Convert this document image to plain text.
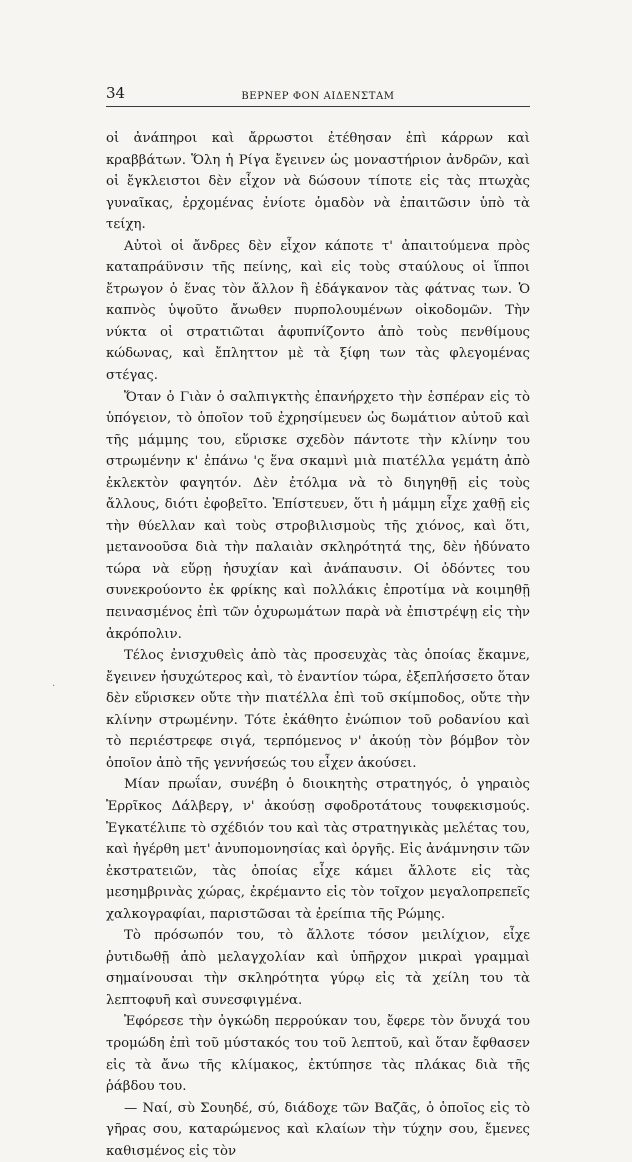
34	ΒΕΡΝΕΡ ΦΟΝ ΑΙΔΕΝΣΤΑΜ
·

οἱ ἀνάπηροι καὶ ἄρρωστοι ἐτέθησαν ἐπὶ κάρρων καὶ κραββάτων. Ὅλη ἡ Ρίγα ἔγεινεν ὡς μοναστήριον ἀνδρῶν, καὶ οἱ ἔγκλειστοι δὲν εἶχον νὰ δώσουν τίποτε εἰς τὰς πτωχὰς γυναῖκας, ἐρχομένας ἐνίοτε ὁμαδὸν νὰ ἐπαιτῶσιν ὑπὸ τὰ τείχη.

Αὐτοὶ οἱ ἄνδρες δὲν εἶχον κάποτε τ' ἀπαιτούμενα πρὸς καταπράϋνσιν τῆς πείνης, καὶ εἰς τοὺς σταύλους οἱ ἵπποι ἔτρωγον ὁ ἕνας τὸν ἄλλον ἢ ἐδάγκανον τὰς φάτνας των. Ὁ καπνὸς ὑψοῦτο ἄνωθεν πυρπολουμένων οἰκοδομῶν. Τὴν νύκτα οἱ στρατιῶται ἀφυπνίζοντο ἀπὸ τοὺς πενθίμους κώδωνας, καὶ ἔπληττον μὲ τὰ ξίφη των τὰς φλεγομένας στέγας.

Ὅταν ὁ Γιὰν ὁ σαλπιγκτὴς ἐπανήρχετο τὴν ἑσπέραν εἰς τὸ ὑπόγειον, τὸ ὁποῖον τοῦ ἐχρησίμευεν ὡς δωμάτιον αὐτοῦ καὶ τῆς μάμμης του, εὕρισκε σχεδὸν πάντοτε τὴν κλίνην του στρωμένην κ' ἐπάνω 'ς ἕνα σκαμνὶ μιὰ πιατέλλα γεμάτη ἀπὸ ἐκλεκτὸν φαγητόν. Δὲν ἐτόλμα νὰ τὸ διηγηθῇ εἰς τοὺς ἄλλους, διότι ἐφοβεῖτο. Ἐπίστευεν, ὅτι ἡ μάμμη εἶχε χαθῇ εἰς τὴν θύελλαν καὶ τοὺς στροβιλισμοὺς τῆς χιόνος, καὶ ὅτι, μετανοοῦσα διὰ τὴν παλαιὰν σκληρότητά της, δὲν ἠδύνατο τώρα νὰ εὕρῃ ἡσυχίαν καὶ ἀνάπαυσιν. Οἱ ὀδόντες του συνεκρούοντο ἐκ φρίκης καὶ πολλάκις ἐπροτίμα νὰ κοιμηθῇ πεινασμένος ἐπὶ τῶν ὀχυρωμάτων παρὰ νὰ ἐπιστρέψῃ εἰς τὴν ἀκρόπολιν.

Τέλος ἐνισχυθεὶς ἀπὸ τὰς προσευχὰς τὰς ὁποίας ἔκαμνε, ἔγεινεν ἡσυχώτερος καὶ, τὸ ἐναντίον τώρα, ἐξεπλήσσετο ὅταν δὲν εὕρισκεν οὔτε τὴν πιατέλλα ἐπὶ τοῦ σκίμποδος, οὔτε τὴν κλίνην στρωμένην. Τότε ἐκάθητο ἐνώπιον τοῦ ροδανίου καὶ τὸ περιέστρεφε σιγά, τερπόμενος ν' ἀκούῃ τὸν βόμβον τὸν ὁποῖον ἀπὸ τῆς γεννήσεώς του εἶχεν ἀκούσει.

Μίαν πρωΐαν, συνέβη ὁ διοικητὴς στρατηγός, ὁ γηραιὸς Ἐρρῖκος Δάλβεργ, ν' ἀκούσῃ σφοδροτάτους τουφεκισμούς. Ἐγκατέλιπε τὸ σχέδιόν του καὶ τὰς στρατηγικὰς μελέτας του, καὶ ἠγέρθη μετ' ἀνυπομονησίας καὶ ὀργῆς. Εἰς ἀνάμνησιν τῶν ἐκστρατειῶν, τὰς ὁποίας εἶχε κάμει ἄλλοτε εἰς τὰς μεσημβρινὰς χώρας, ἐκρέμαντο εἰς τὸν τοῖχον μεγαλοπρεπεῖς χαλκογραφίαι, παριστῶσαι τὰ ἐρείπια τῆς Ρώμης.

Τὸ πρόσωπόν του, τὸ ἄλλοτε τόσον μειλίχιον, εἶχε ῥυτιδωθῇ ἀπὸ μελαγχολίαν καὶ ὑπῆρχον μικραὶ γραμμαὶ σημαίνουσαι τὴν σκληρότητα γύρῳ εἰς τὰ χείλη του τὰ λεπτοφυῆ καὶ συνεσφιγμένα.

Ἐφόρεσε τὴν ὀγκώδη περρούκαν του, ἔφερε τὸν ὄνυχά του τρομώδη ἐπὶ τοῦ μύστακός του τοῦ λεπτοῦ, καὶ ὅταν ἔφθασεν εἰς τὰ ἄνω τῆς κλίμακος, ἐκτύπησε τὰς πλάκας διὰ τῆς ῥάβδου του.

— Ναί, σὺ Σουηδέ, σύ, διάδοχε τῶν Βαζᾶς, ὁ ὁποῖος εἰς τὸ γῆρας σου, καταρώμενος καὶ κλαίων τὴν τύχην σου, ἔμενες καθισμένος εἰς τὸν
